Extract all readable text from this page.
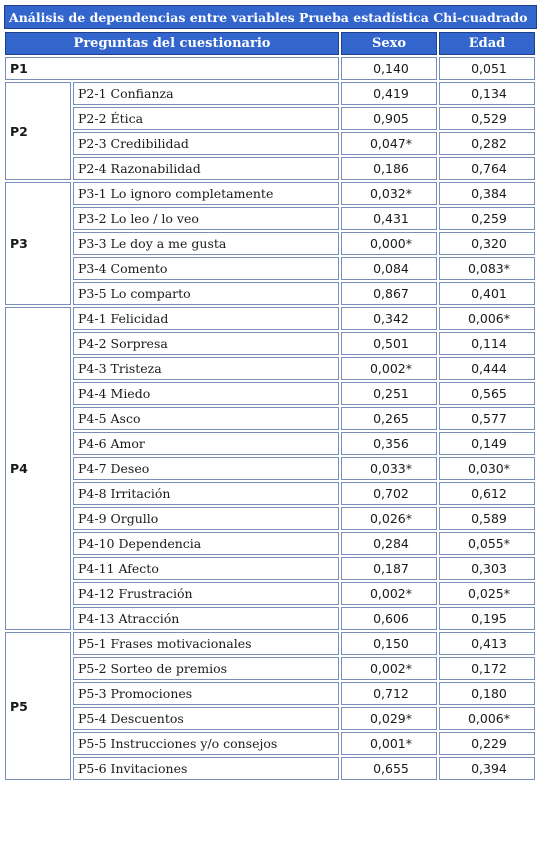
Análisis de dependencias entre variables Prueba estadística Chi-cuadrado
Preguntas del cuestionario		Sexo	Edad
P1		0,140	0,051
P2	P2-1 Confianza	0,419	0,134
	P2-2 Ética	0,905	0,529
	P2-3 Credibilidad	0,047*	0,282
	P2-4 Razonabilidad	0,186	0,764
P3	P3-1 Lo ignoro completamente	0,032*	0,384
	P3-2 Lo leo / lo veo	0,431	0,259
	P3-3 Le doy a me gusta	0,000*	0,320
	P3-4 Comento	0,084	0,083*
	P3-5 Lo comparto	0,867	0,401
P4	P4-1 Felicidad	0,342	0,006*
	P4-2 Sorpresa	0,501	0,114
	P4-3 Tristeza	0,002*	0,444
	P4-4 Miedo	0,251	0,565
	P4-5 Asco	0,265	0,577
	P4-6 Amor	0,356	0,149
	P4-7 Deseo	0,033*	0,030*
	P4-8 Irritación	0,702	0,612
	P4-9 Orgullo	0,026*	0,589
	P4-10 Dependencia	0,284	0,055*
	P4-11 Afecto	0,187	0,303
	P4-12 Frustración	0,002*	0,025*
	P4-13 Atracción	0,606	0,195
P5	P5-1 Frases motivacionales	0,150	0,413
	P5-2 Sorteo de premios	0,002*	0,172
	P5-3 Promociones	0,712	0,180
	P5-4 Descuentos	0,029*	0,006*
	P5-5 Instrucciones y/o consejos	0,001*	0,229
	P5-6 Invitaciones	0,655	0,394
